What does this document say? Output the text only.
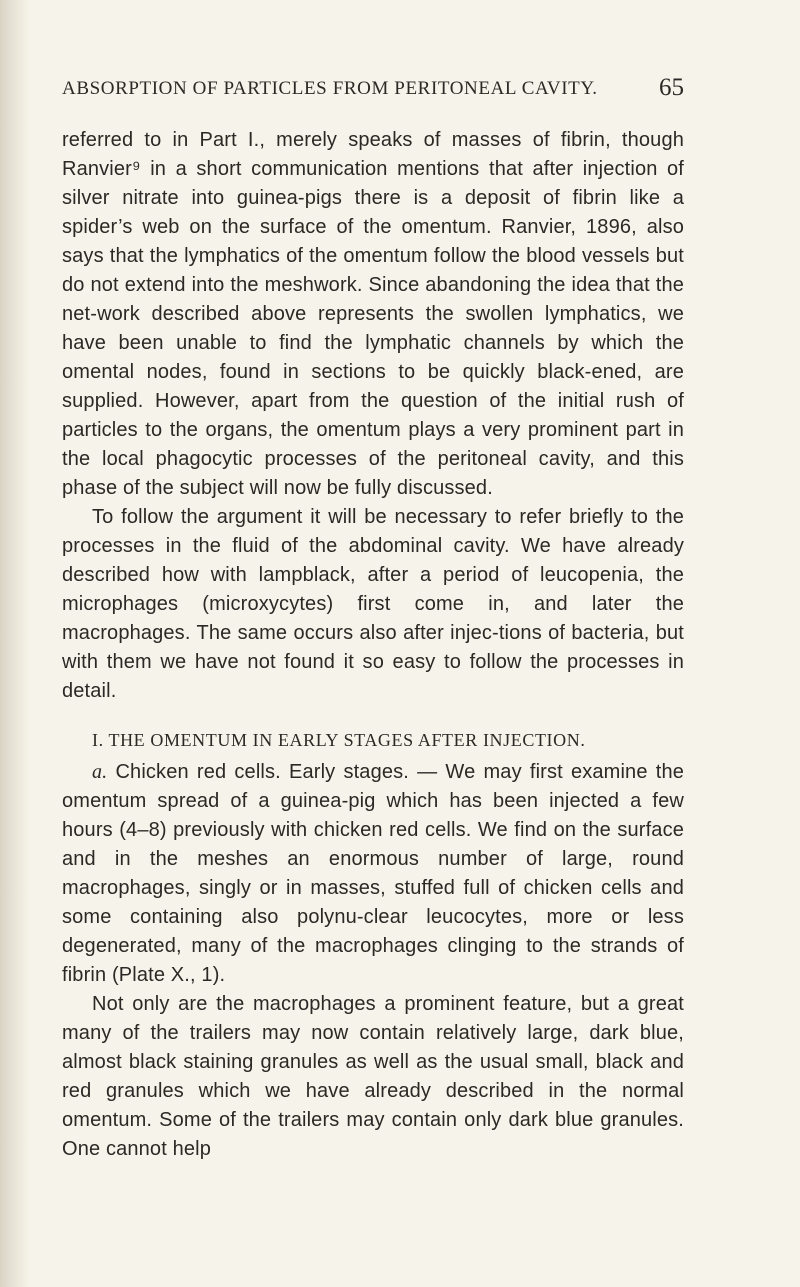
ABSORPTION OF PARTICLES FROM PERITONEAL CAVITY. 65

referred to in Part I., merely speaks of masses of fibrin, though Ranvier⁹ in a short communication mentions that after injection of silver nitrate into guinea-pigs there is a deposit of fibrin like a spider’s web on the surface of the omentum. Ranvier, 1896, also says that the lymphatics of the omentum follow the blood vessels but do not extend into the meshwork. Since abandoning the idea that the net-work described above represents the swollen lymphatics, we have been unable to find the lymphatic channels by which the omental nodes, found in sections to be quickly black-ened, are supplied. However, apart from the question of the initial rush of particles to the organs, the omentum plays a very prominent part in the local phagocytic processes of the peritoneal cavity, and this phase of the subject will now be fully discussed.

To follow the argument it will be necessary to refer briefly to the processes in the fluid of the abdominal cavity. We have already described how with lampblack, after a period of leucopenia, the microphages (microxycytes) first come in, and later the macrophages. The same occurs also after injec-tions of bacteria, but with them we have not found it so easy to follow the processes in detail.

I. THE OMENTUM IN EARLY STAGES AFTER INJECTION.

a. Chicken red cells. Early stages. — We may first examine the omentum spread of a guinea-pig which has been injected a few hours (4–8) previously with chicken red cells. We find on the surface and in the meshes an enormous number of large, round macrophages, singly or in masses, stuffed full of chicken cells and some containing also polynu-clear leucocytes, more or less degenerated, many of the macrophages clinging to the strands of fibrin (Plate X., 1).

Not only are the macrophages a prominent feature, but a great many of the trailers may now contain relatively large, dark blue, almost black staining granules as well as the usual small, black and red granules which we have already described in the normal omentum. Some of the trailers may contain only dark blue granules. One cannot help
